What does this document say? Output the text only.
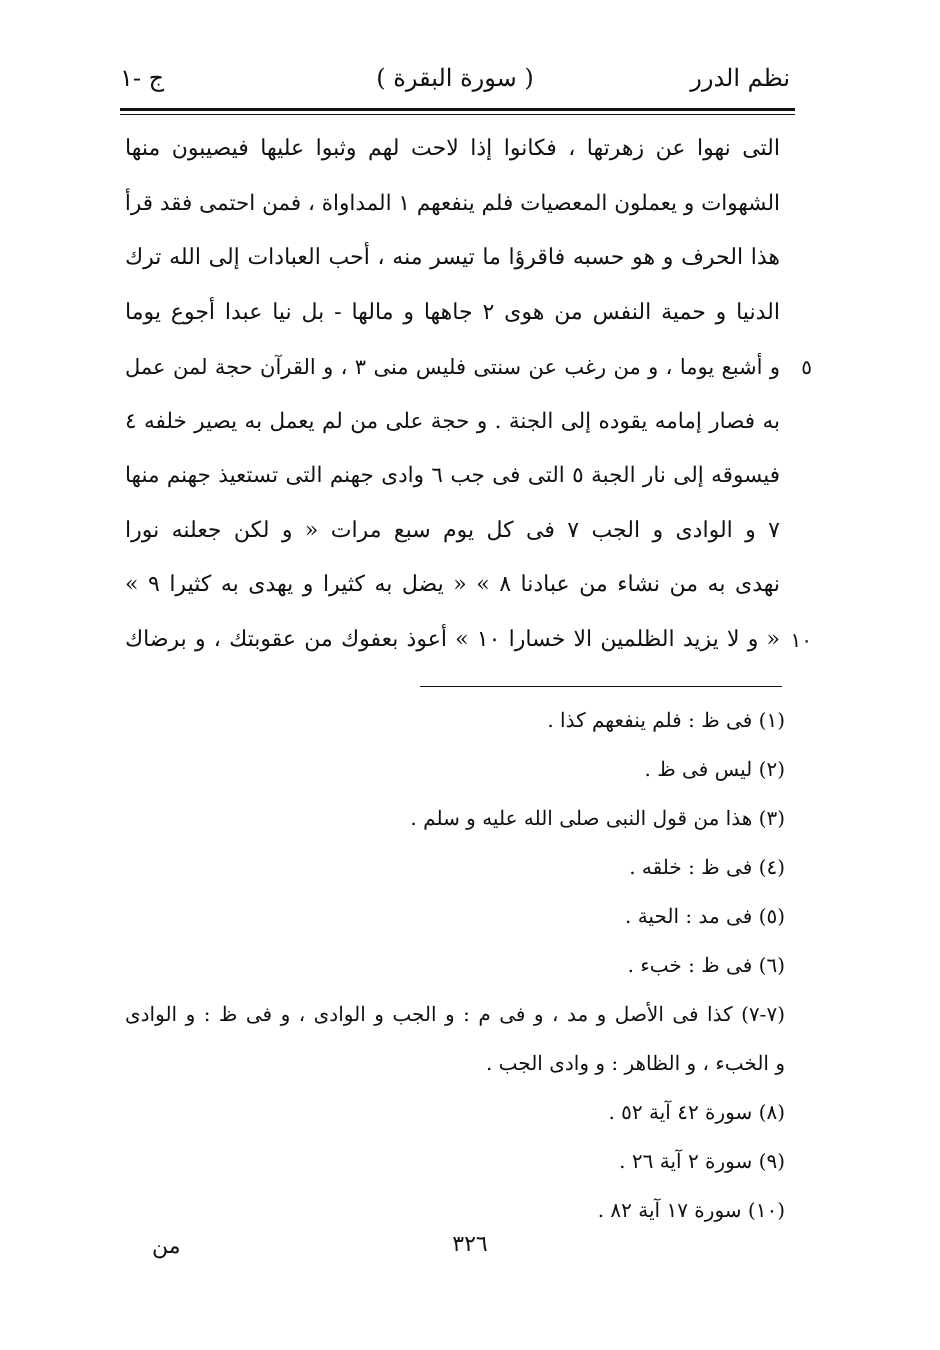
نظم الدرر
( سورة البقرة )
ج -١
التى نهوا عن زهرتها ، فكانوا إذا لاحت لهم وثبوا عليها فيصيبون منها
الشهوات و يعملون المعصيات فلم ينفعهم ١ المداواة ، فمن احتمى فقد قرأ
هذا الحرف و هو حسبه فاقرؤا ما تيسر منه ، أحب العبادات إلى الله ترك
الدنيا و حمية النفس من هوى ٢ جاهها و مالها - بل نيا عبدا أجوع يوما
و أشبع يوما ، و من رغب عن سنتى فليس منى ٣ ، و القرآن حجة لمن عمل ٥
به فصار إمامه يقوده إلى الجنة . و حجة على من لم يعمل به يصير خلفه ٤
فيسوقه إلى نار الجبة ٥ التى فى جب ٦ وادى جهنم التى تستعيذ جهنم منها
٧ و الوادى و الجب ٧ فى كل يوم سبع مرات « و لكن جعلنه نورا
نهدى به من نشاء من عبادنا ٨ » « يضل به كثيرا و يهدى به كثيرا ٩ »
« و لا يزيد الظلمين الا خسارا ١٠ » أعوذ بعفوك من عقوبتك ، و برضاك ١٠
(١) فى ظ : فلم ينفعهم كذا .
(٢) ليس فى ظ .
(٣) هذا من قول النبى صلى الله عليه و سلم .
(٤) فى ظ : خلقه .
(٥) فى مد : الحية .
(٦) فى ظ : خبء .
(٧-٧) كذا فى الأصل و مد ، و فى م : و الجب و الوادى ، و فى ظ : و الوادى
و الخبء ، و الظاهر : و وادى الجب .
(٨) سورة ٤٢ آية ٥٢ .
(٩) سورة ٢ آية ٢٦ .
(١٠) سورة ١٧ آية ٨٢ .
٣٢٦
من
